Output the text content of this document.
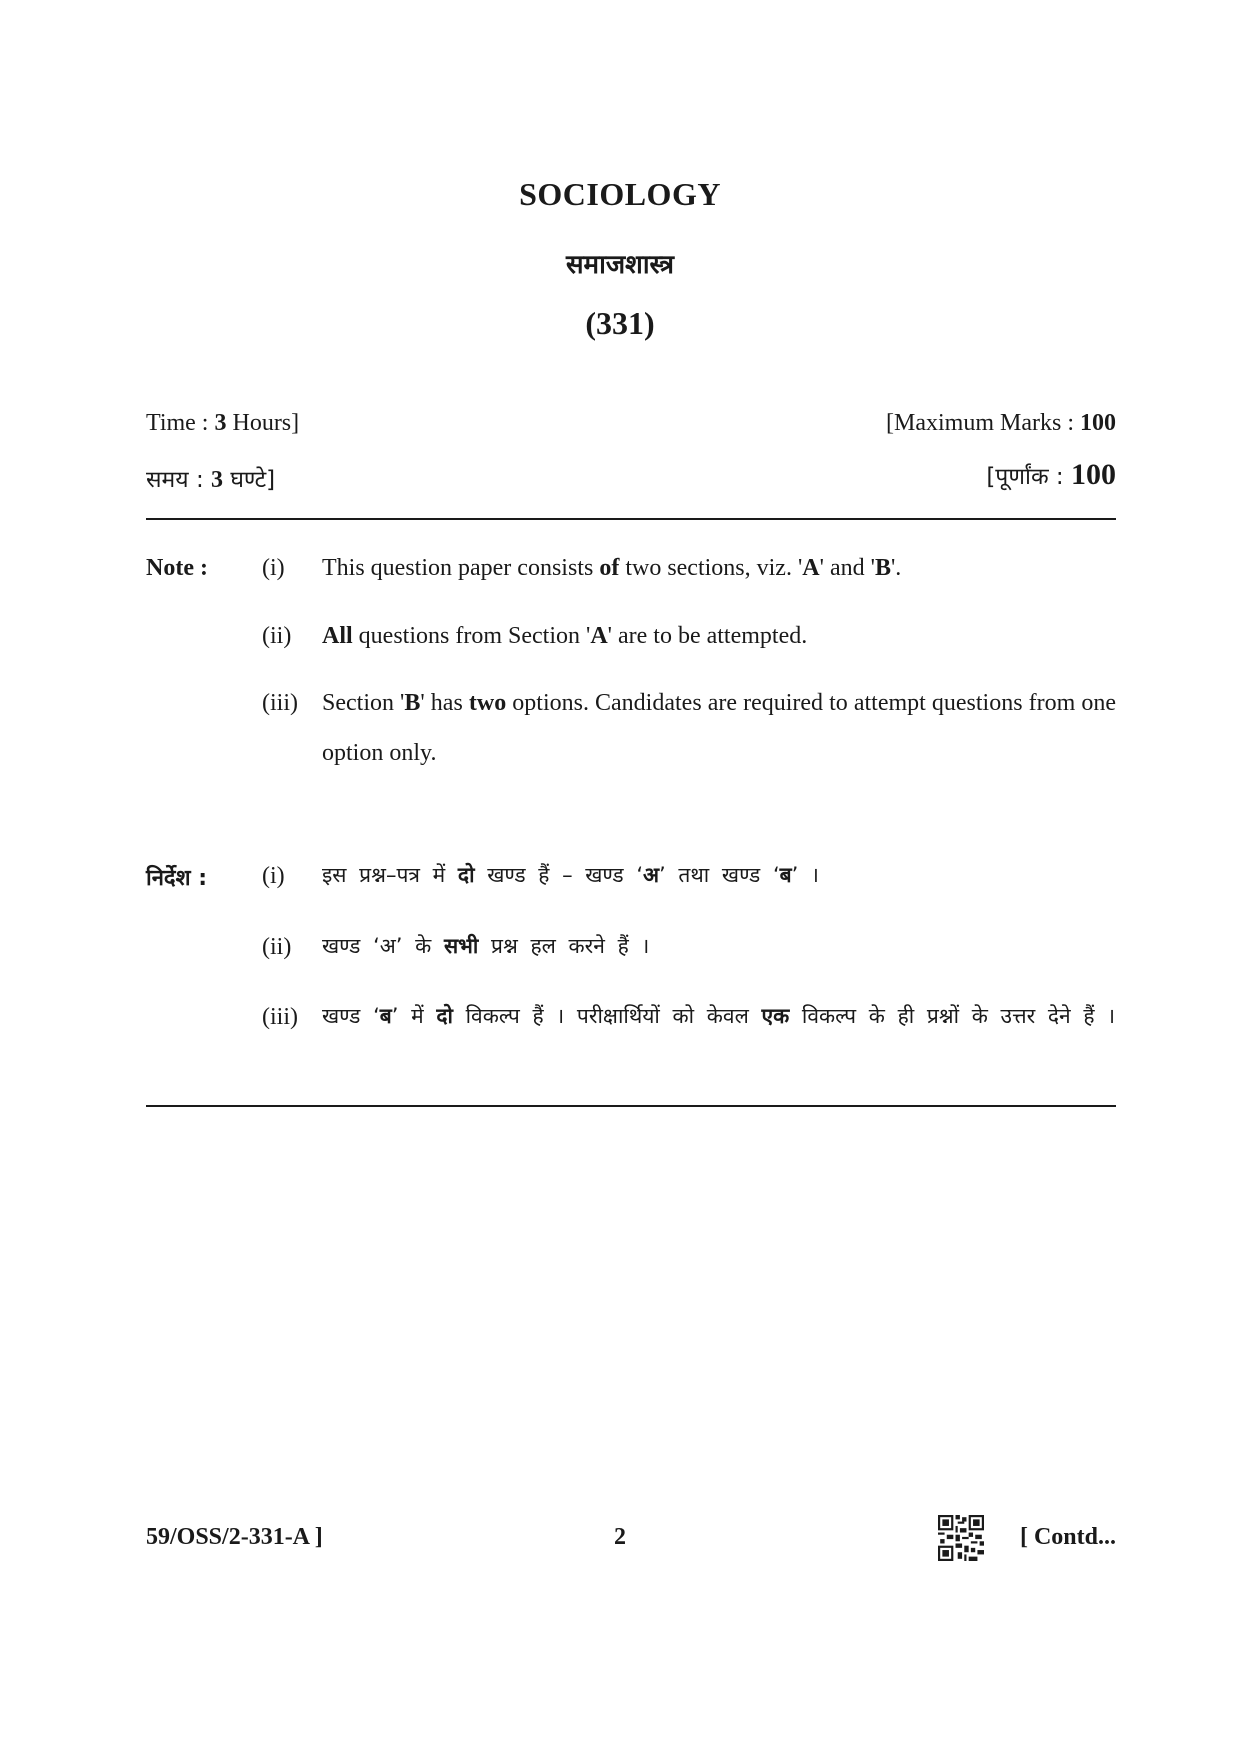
SOCIOLOGY
समाजशास्त्र
(331)
Time : 3 Hours]	[Maximum Marks : 100
समय : 3 घण्टे]	[पूर्णांक : 100
Note : (i) This question paper consists of two sections, viz. 'A' and 'B'.
(ii) All questions from Section 'A' are to be attempted.
(iii) Section 'B' has two options. Candidates are required to attempt questions from one option only.
निर्देश : (i) इस प्रश्न–पत्र में दो खण्ड हैं – खण्ड ‘अ’ तथा खण्ड ‘ब’ ।
(ii) खण्ड ‘अ’ के सभी प्रश्न हल करने हैं ।
(iii) खण्ड ‘ब’ में दो विकल्प हैं । परीक्षार्थियों को केवल एक विकल्प के ही प्रश्नों के उत्तर देने हैं ।
59/OSS/2-331-A ]	2	[ Contd...
